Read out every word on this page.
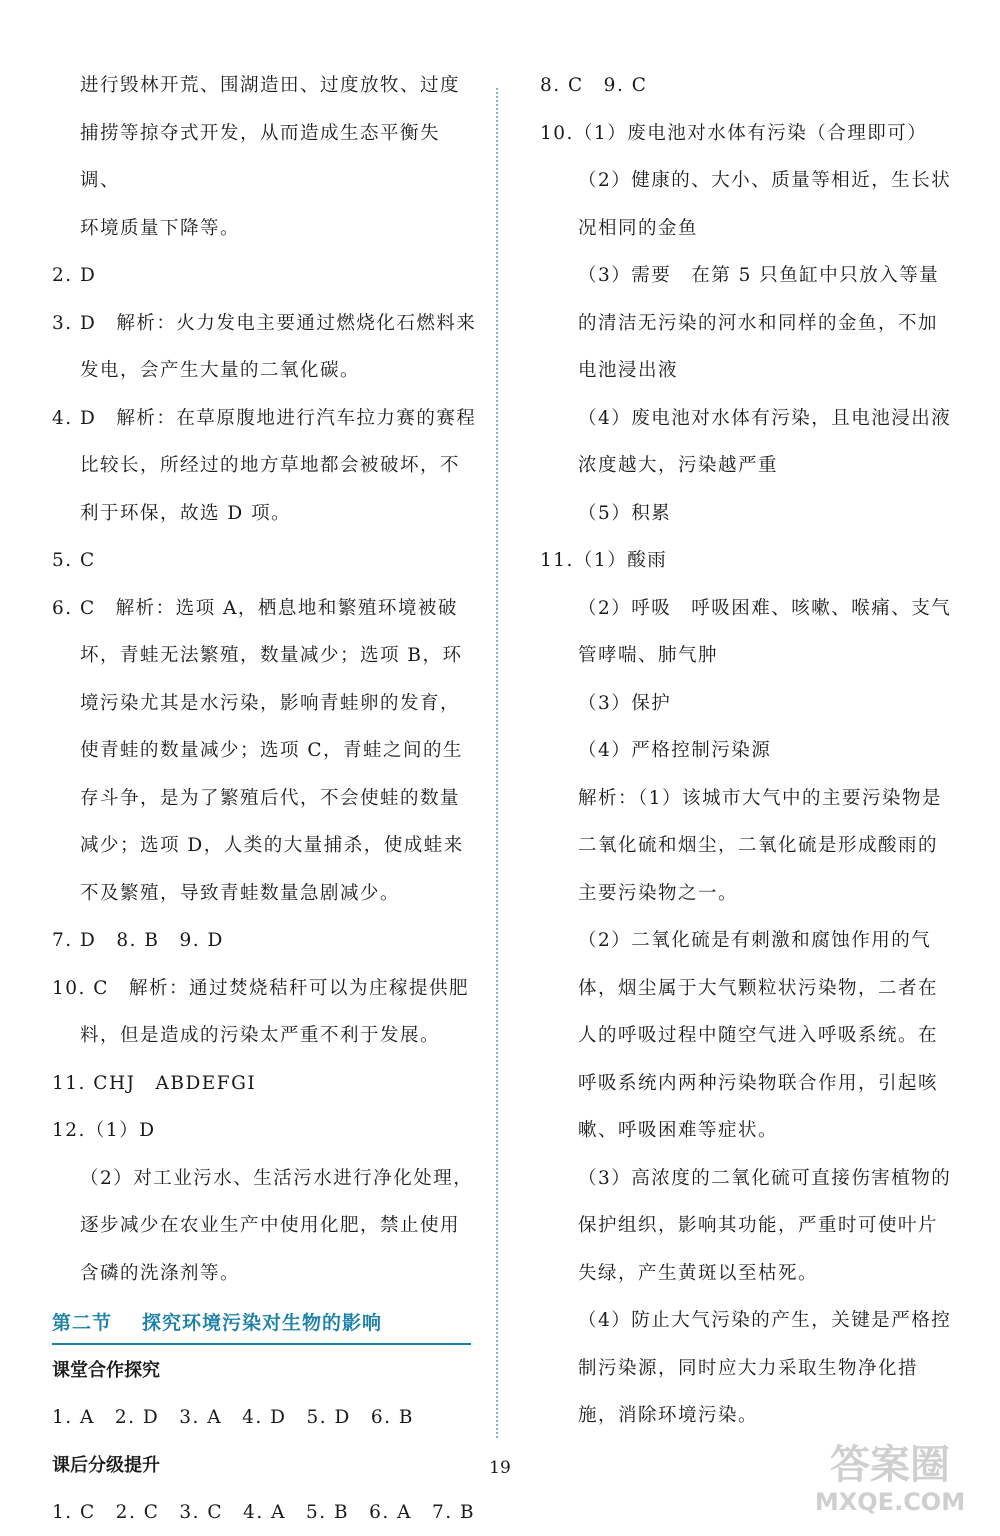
进行毁林开荒、围湖造田、过度放牧、过度

捕捞等掠夺式开发，从而造成生态平衡失调、

环境质量下降等。

2. D

3. D　解析：火力发电主要通过燃烧化石燃料来发电，会产生大量的二氧化碳。

4. D　解析：在草原腹地进行汽车拉力赛的赛程比较长，所经过的地方草地都会被破坏，不利于环保，故选 D 项。

5. C

6. C　解析：选项 A，栖息地和繁殖环境被破坏，青蛙无法繁殖，数量减少；选项 B，环境污染尤其是水污染，影响青蛙卵的发育，使青蛙的数量减少；选项 C，青蛙之间的生存斗争，是为了繁殖后代，不会使蛙的数量减少；选项 D，人类的大量捕杀，使成蛙来不及繁殖，导致青蛙数量急剧减少。

7. D　8. B　9. D

10. C　解析：通过焚烧秸秆可以为庄稼提供肥料，但是造成的污染太严重不利于发展。

11. CHJ　ABDEFGI

12.（1）D

（2）对工业污水、生活污水进行净化处理，逐步减少在农业生产中使用化肥，禁止使用含磷的洗涤剂等。

第二节 探究环境污染对生物的影响

课堂合作探究

1. A　2. D　3. A　4. D　5. D　6. B

课后分级提升

1. C　2. C　3. C　4. A　5. B　6. A　7. B

8. C　9. C

10.（1）废电池对水体有污染（合理即可）

（2）健康的、大小、质量等相近，生长状况相同的金鱼

（3）需要　在第 5 只鱼缸中只放入等量的清洁无污染的河水和同样的金鱼，不加电池浸出液

（4）废电池对水体有污染，且电池浸出液浓度越大，污染越严重

（5）积累

11.（1）酸雨

（2）呼吸　呼吸困难、咳嗽、喉痛、支气管哮喘、肺气肿

（3）保护

（4）严格控制污染源

解析：（1）该城市大气中的主要污染物是二氧化硫和烟尘，二氧化硫是形成酸雨的主要污染物之一。

（2）二氧化硫是有刺激和腐蚀作用的气体，烟尘属于大气颗粒状污染物，二者在人的呼吸过程中随空气进入呼吸系统。在呼吸系统内两种污染物联合作用，引起咳嗽、呼吸困难等症状。

（3）高浓度的二氧化硫可直接伤害植物的保护组织，影响其功能，严重时可使叶片失绿，产生黄斑以至枯死。

（4）防止大气污染的产生，关键是严格控制污染源，同时应大力采取生物净化措施，消除环境污染。

19	答案圈
MXQE.COM
